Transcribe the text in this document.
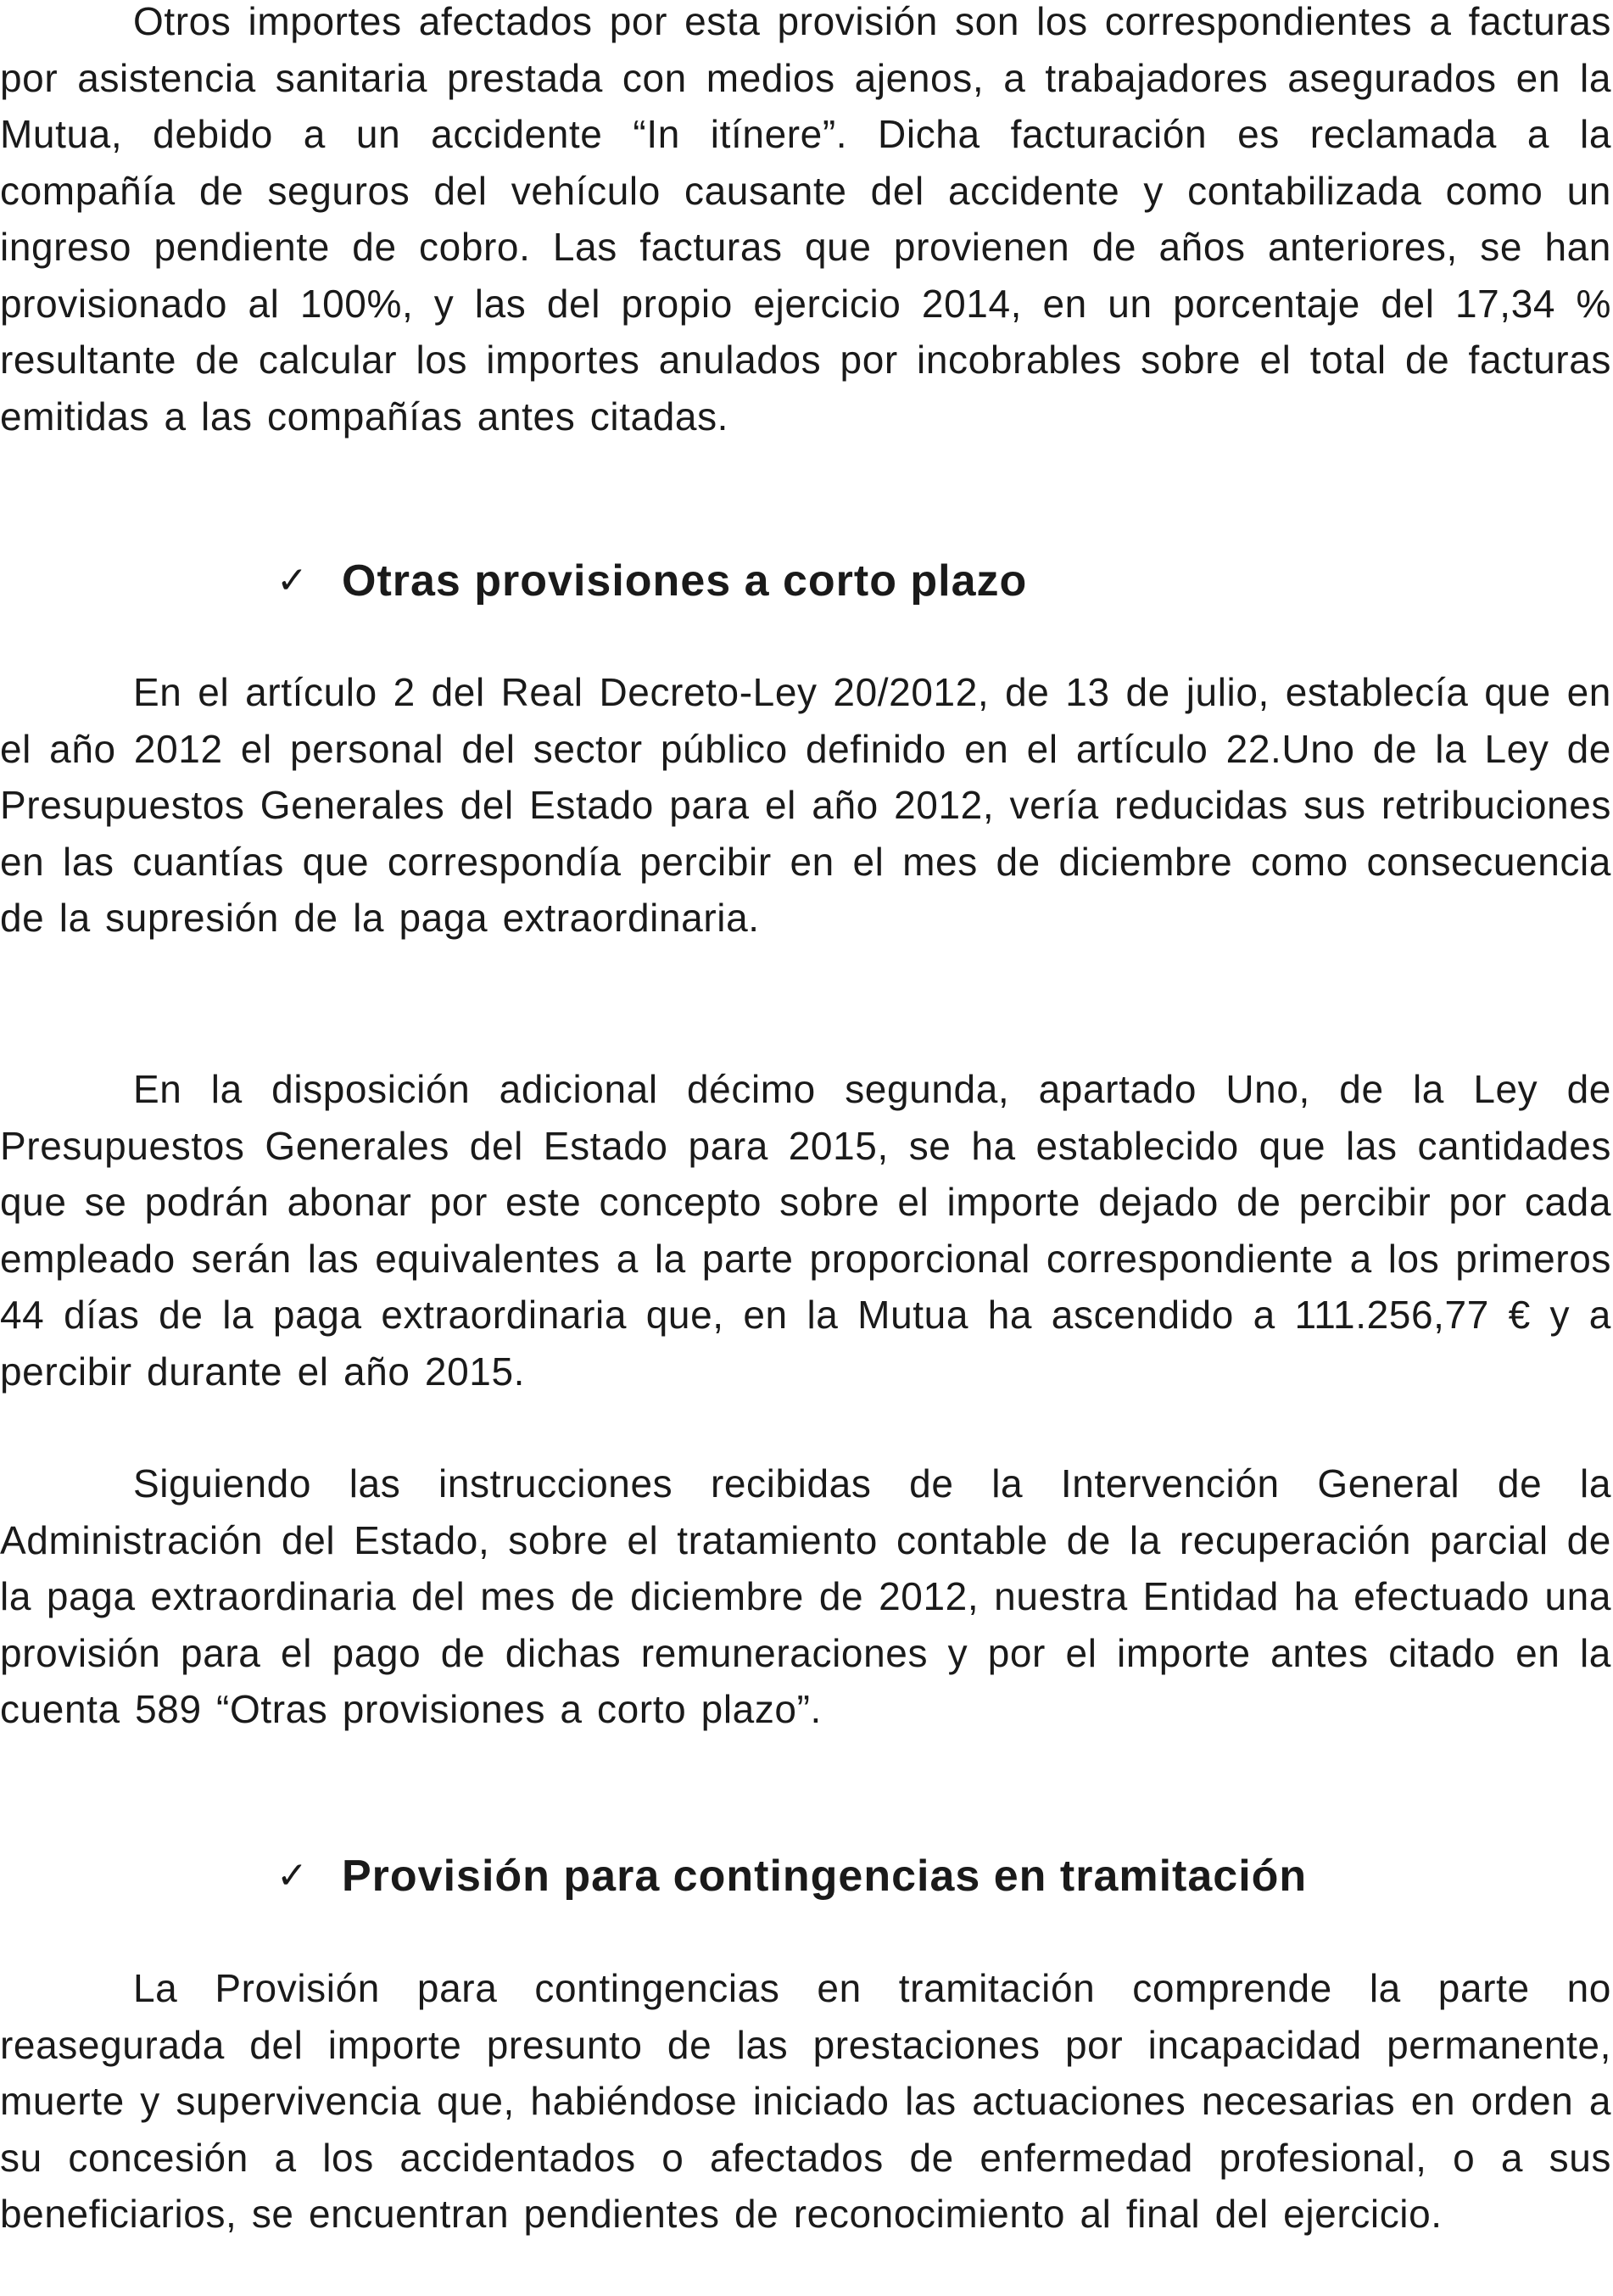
Otros importes afectados por esta provisión son los correspondientes a facturas por asistencia sanitaria prestada con medios ajenos, a trabajadores asegurados en la Mutua, debido a un accidente “In itínere”. Dicha facturación es reclamada a la compañía de seguros del vehículo causante del accidente y contabilizada como un ingreso pendiente de cobro. Las facturas que provienen de años anteriores, se han provisionado al 100%, y las del propio ejercicio 2014, en un porcentaje del 17,34 % resultante de calcular los importes anulados por incobrables sobre el total de facturas emitidas a las compañías antes citadas.

✓ Otras provisiones a corto plazo

En el artículo 2 del Real Decreto-Ley 20/2012, de 13 de julio, establecía que en el año 2012 el personal del sector público definido en el artículo 22.Uno de la Ley de Presupuestos Generales del Estado para el año 2012, vería reducidas sus retribuciones en las cuantías que correspondía percibir en el mes de diciembre como consecuencia de la supresión de la paga extraordinaria.

En la disposición adicional décimo segunda, apartado Uno, de la Ley de Presupuestos Generales del Estado para 2015, se ha establecido que las cantidades que se podrán abonar por este concepto sobre el importe dejado de percibir por cada empleado serán las equivalentes a la parte proporcional correspondiente a los primeros 44 días de la paga extraordinaria que, en la Mutua ha ascendido a 111.256,77 € y a percibir durante el año 2015.

Siguiendo las instrucciones recibidas de la Intervención General de la Administración del Estado, sobre el tratamiento contable de la recuperación parcial de la paga extraordinaria del mes de diciembre de 2012, nuestra Entidad ha efectuado una provisión para el pago de dichas remuneraciones y por el importe antes citado en la cuenta 589 “Otras provisiones a corto plazo”.

✓ Provisión para contingencias en tramitación

La Provisión para contingencias en tramitación comprende la parte no reasegurada del importe presunto de las prestaciones por incapacidad permanente, muerte y supervivencia que, habiéndose iniciado las actuaciones necesarias en orden a su concesión a los accidentados o afectados de enfermedad profesional, o a sus beneficiarios, se encuentran pendientes de reconocimiento al final del ejercicio.
